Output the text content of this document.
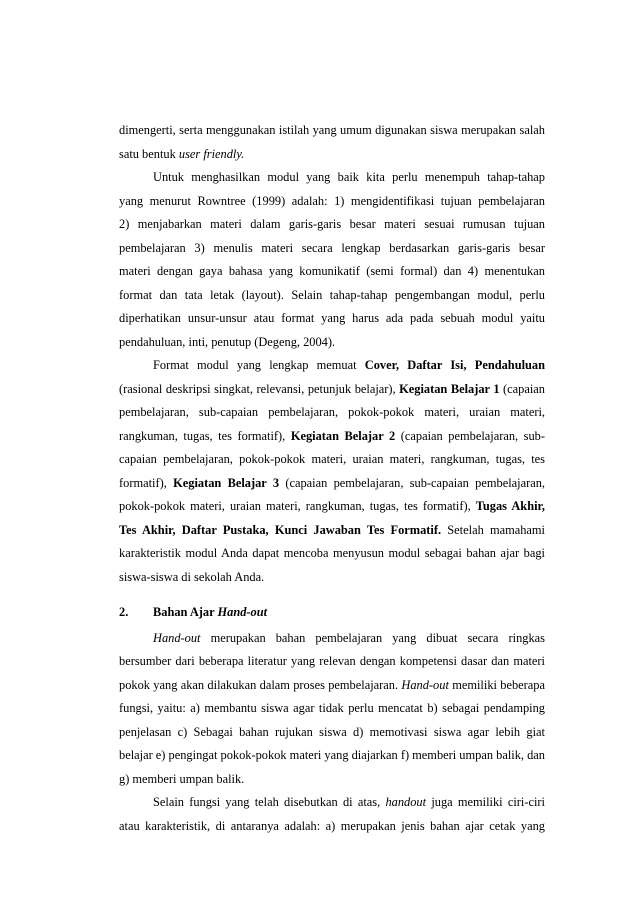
dimengerti, serta menggunakan istilah yang umum digunakan siswa merupakan salah satu bentuk user friendly.

Untuk menghasilkan modul yang baik kita perlu menempuh tahap-tahap

yang menurut Rowntree (1999) adalah: 1) mengidentifikasi tujuan pembelajaran

2) menjabarkan materi dalam garis-garis besar materi sesuai rumusan tujuan

pembelajaran 3) menulis materi secara lengkap berdasarkan garis-garis besar

materi dengan gaya bahasa yang komunikatif (semi formal) dan 4) menentukan

format dan tata letak (layout). Selain tahap-tahap pengembangan modul, perlu

diperhatikan unsur-unsur atau format yang harus ada pada sebuah modul yaitu

pendahuluan, inti, penutup (Degeng, 2004).

Format modul yang lengkap memuat Cover, Daftar Isi, Pendahuluan (rasional deskripsi singkat, relevansi, petunjuk belajar), Kegiatan Belajar 1 (capaian pembelajaran, sub-capaian pembelajaran, pokok-pokok materi, uraian materi, rangkuman, tugas, tes formatif), Kegiatan Belajar 2 (capaian pembelajaran, sub-capaian pembelajaran, pokok-pokok materi, uraian materi, rangkuman, tugas, tes formatif), Kegiatan Belajar 3 (capaian pembelajaran, sub-capaian pembelajaran, pokok-pokok materi, uraian materi, rangkuman, tugas, tes formatif), Tugas Akhir, Tes Akhir, Daftar Pustaka, Kunci Jawaban Tes Formatif. Setelah mamahami karakteristik modul Anda dapat mencoba menyusun modul sebagai bahan ajar bagi siswa-siswa di sekolah Anda.

2. Bahan Ajar Hand-out

Hand-out merupakan bahan pembelajaran yang dibuat secara ringkas bersumber dari beberapa literatur yang relevan dengan kompetensi dasar dan materi pokok yang akan dilakukan dalam proses pembelajaran. Hand-out memiliki beberapa fungsi, yaitu: a) membantu siswa agar tidak perlu mencatat b) sebagai pendamping penjelasan c) Sebagai bahan rujukan siswa d) memotivasi siswa agar lebih giat belajar e) pengingat pokok-pokok materi yang diajarkan f) memberi umpan balik, dan g) memberi umpan balik.

Selain fungsi yang telah disebutkan di atas, handout juga memiliki ciri-ciri atau karakteristik, di antaranya adalah: a) merupakan jenis bahan ajar cetak yang
